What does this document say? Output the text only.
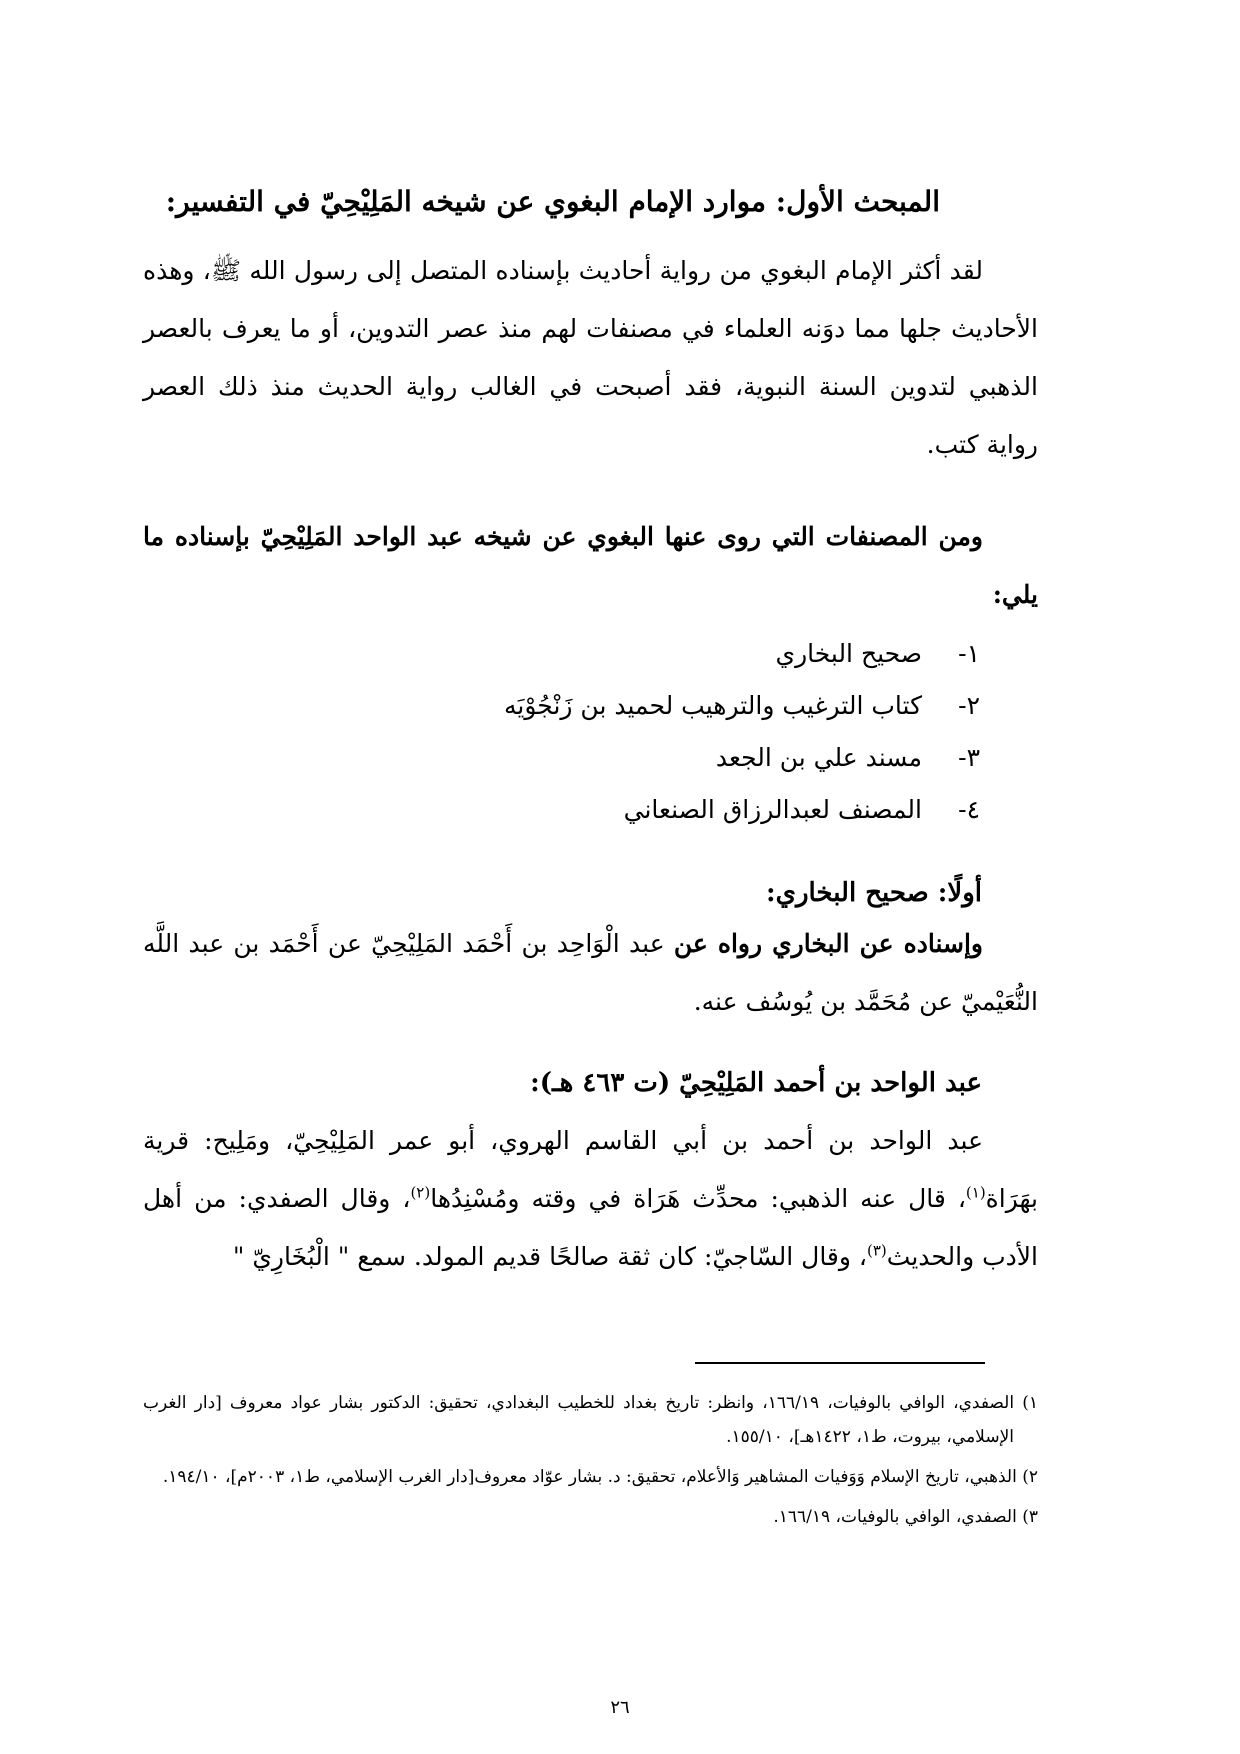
المبحث الأول: موارد الإمام البغوي عن شيخه المَلِيْحِيّ في التفسير:

لقد أكثر الإمام البغوي من رواية أحاديث بإسناده المتصل إلى رسول الله ﷺ، وهذه الأحاديث جلها مما دوَنه العلماء في مصنفات لهم منذ عصر التدوين، أو ما يعرف بالعصر الذهبي لتدوين السنة النبوية، فقد أصبحت في الغالب رواية الحديث منذ ذلك العصر رواية كتب.

ومن المصنفات التي روى عنها البغوي عن شيخه عبد الواحد المَلِيْحِيّ بإسناده ما يلي:

١-صحيح البخاري
٢-كتاب الترغيب والترهيب لحميد بن زَنْجُوْيَه
٣-مسند علي بن الجعد
٤-المصنف لعبدالرزاق الصنعاني
أولًا: صحيح البخاري:

وإسناده عن البخاري رواه عن عبد الْوَاحِد بن أَحْمَد المَلِيْحِيّ عن أَحْمَد بن عبد اللَّه النُّعَيْميّ عن مُحَمَّد بن يُوسُف عنه.

عبد الواحد بن أحمد المَلِيْحِيّ (ت ٤٦٣ هـ):

عبد الواحد بن أحمد بن أبي القاسم الهروي، أبو عمر المَلِيْحِيّ، ومَلِيح: قرية بهَرَاة$^{(١)}$، قال عنه الذهبي: محدِّث هَرَاة في وقته ومُسْنِدُها$^{(٢)}$، وقال الصفدي: من أهل الأدب والحديث$^{(٣)}$، وقال السّاجيّ: كان ثقة صالحًا قديم المولد. سمع " الْبُخَارِيّ "

١) الصفدي، الوافي بالوفيات، ١٦٦/١٩، وانظر: تاريخ بغداد للخطيب البغدادي، تحقيق: الدكتور بشار عواد معروف [دار الغرب الإسلامي، بيروت، ط١، ١٤٢٢هـ]، ١٥٥/١٠.

٢) الذهبي، تاريخ الإسلام وَوَفيات المشاهير وَالأعلام، تحقيق: د. بشار عوّاد معروف[دار الغرب الإسلامي، ط١، ٢٠٠٣م]، ١٩٤/١٠.

٣) الصفدي، الوافي بالوفيات، ١٦٦/١٩.

٢٦
